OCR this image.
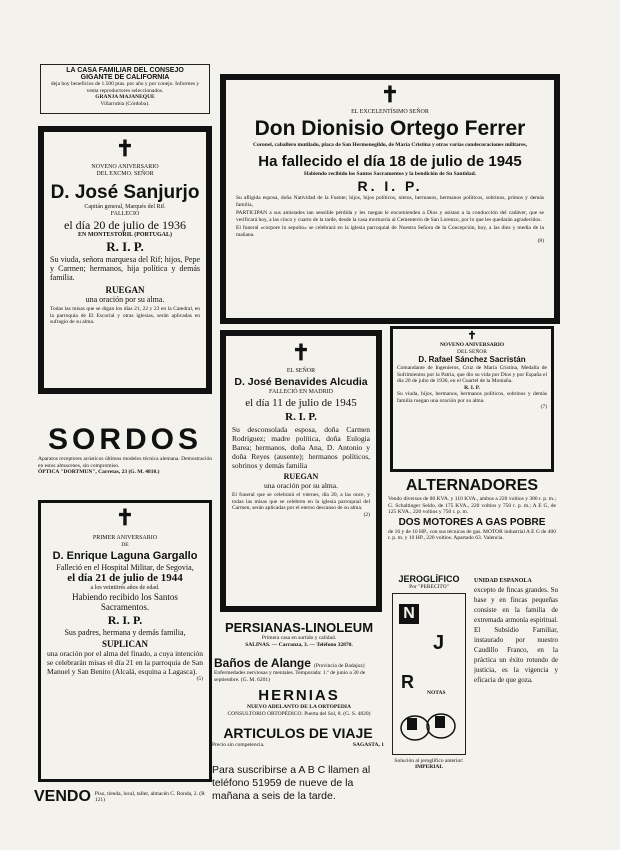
LA CASA FAMILIAR DEL CONSEJO
GIGANTE DE CALIFORNIA
deja hoy beneficios de 1.500 ptas. por año y por conejo. Informes y venta reproductores seleccionados.
GRANJA MAJANEQUE
Villarrubia (Córdoba).
✝
NOVENO ANIVERSARIO
DEL EXCMO. SEÑOR
D. José Sanjurjo
Capitán general, Marqués del Rif.
FALLECIO
el día 20 de julio de 1936
EN MONTESTORIL (PORTUGAL)
R. I. P.
Su viuda, señora marquesa del Rif; hijos, Pepe y Carmen; hermanos, hija política y demás familia.
RUEGAN
una oración por su alma.
Todas las misas que se digan los días 21, 22 y 23 en la Catedral, en la parroquia de El Escorial y otras iglesias, serán aplicadas en sufragio de su alma.
SORDOS
Aparatos receptores acústicos últimos modelos técnica alemana. Demostración en estos almacenes, sin compromiso.
ÓPTICA "DORTMUN", Carretas, 23 (G. M. 4810.)
✝
PRIMER ANIVERSARIO
DE
D. Enrique Laguna Gargallo
Falleció en el Hospital Militar, de Segovia,
el día 21 de julio de 1944
a los veintitrés años de edad.
Habiendo recibido los Santos Sacramentos.
R. I. P.
Sus padres, hermana y demás familia,
SUPLICAN
una oración por el alma del finado, a cuya intención se celebrarán misas el día 21 en la parroquia de San Manuel y San Benito (Alcalá, esquina a Lagasca).
(5)
VENDO Piso, tienda, local, taller, almacén C. Ronda, 2. (R 121)
✝
EL EXCELENTÍSIMO SEÑOR
Don Dionisio Ortego Ferrer
Coronel, caballero mutilado, placa de San Hermenegildo, de María Cristina y otras varias condecoraciones militares,
Ha fallecido el día 18 de julio de 1945
Habiendo recibido los Santos Sacramentos y la bendición de Su Santidad.
R. I. P.
Su afligida esposa, doña Natividad de la Fuente; hijos, hijos políticos, nietos, hermanos, hermanos políticos, sobrinos, primos y demás familia,
PARTICIPAN a sus amistades tan sensible pérdida y les ruegan le encomienden a Dios y asistan a la conducción del cadáver, que se verificará hoy, a las cinco y cuarto de la tarde, desde la casa mortuoria al Cementerio de San Lorenzo, por lo que les quedarán agradecidos.
El funeral «corpore in sepulto» se celebrará en la iglesia parroquial de Nuestra Señora de la Concepción, hoy, a las diez y media de la mañana.
(8)
✝
EL SEÑOR
D. José Benavides Alcudia
FALLECIÓ EN MADRID
el día 11 de julio de 1945
R. I. P.
Su desconsolada esposa, doña Carmen Rodríguez; madre política, doña Eulogia Barea; hermanos, doña Ana, D. Antonio y doña Reyes (ausente); hermanos políticos, sobrinos y demás familia
RUEGAN
una oración por su alma.
El funeral que se celebrará el viernes, día 20, a las once, y todas las misas que se celebren en la iglesia parroquial del Carmen, serán aplicadas por el eterno descanso de su alma.
(2)
✝
NOVENO ANIVERSARIO
DEL SEÑOR
D. Rafael Sánchez Sacristán
Comandante de Ingenieros, Cruz de María Cristina, Medalla de Sufrimientos por la Patria, que dio su vida por Dios y por España el día 20 de julio de 1936, en el Cuartel de la Montaña.
R. I. P.
Su viuda, hijos, hermanos, hermanos políticos, sobrinos y demás familia ruegan una oración por su alma.
(7)
ALTERNADORES
Vendo diversos de 80 KVA. y 110 KVA., ambos a 220 voltios y 380 r. p. m.; G. Schaltinger Seldo, de 175 KVA., 220 voltios y 750 r. p. m.; A E G, de 125 KVA., 220 voltios y 750 r. p. m.
DOS MOTORES A GAS POBRE
de 16 y de 10 HP., con sus técnicas de gas. MOTOR industrial A E G de 400 r. p. m. y 10 HP., 220 voltios. Apartado 63. Valencia.
PERSIANAS-LINOLEUM
Primera casa en surtido y calidad.
SALINAS. — Carranza, 3. — Teléfono 32870.
Baños de Alange (Provincia de Badajoz)
Enfermedades nerviosas y mentales. Temporada: 1.º de junio a 30 de septiembre. (G. M. 6201)
HERNIAS
NUEVO ADELANTO DE LA ORTOPEDIA
CONSULTORIO ORTOPÉDICO. Puerta del Sol, 8. (G. S. 4820)
ARTICULOS DE VIAJE
Precio sin competencia.	SAGASTA, 1
Para suscribirse a A B C llamen al teléfono 51959 de nueve de la mañana a seis de la tarde.
JEROGLÍFICO
Por "PERECITO"
N
J
R
NOTAS
Solución al jeroglífico anterior:
IMPERIAL
UNIDAD ESPAÑOLA
excepto de fincas grandes. Su base y en fincas pequeñas consiste en la familia de extremada armonía espiritual. El Subsidio Familiar, instaurado por nuestro Caudillo Franco, en la práctica un éxito rotundo de justicia, es la vigencia y eficacia de que goza.
